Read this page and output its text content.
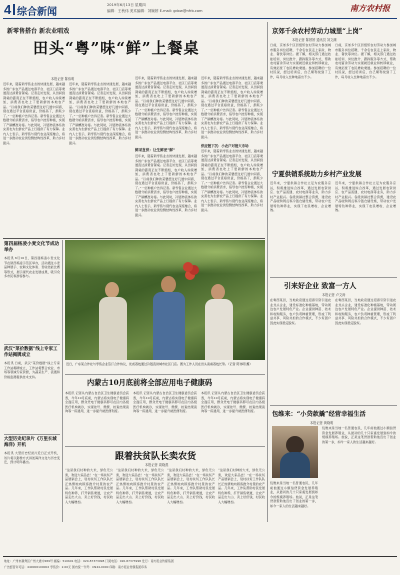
4 综合新闻
2019年6月13日 星期四
编辑：王秋伟 美术编辑：刘婉婷 E-mail: gdxw@nfrb.com	南方农村报
新零售搭台 新农业唱戏
田头“粤”味“鲜”上餐桌
本报记者 陈伟明
近年来，随着新零售业态的快速发展，越来越多的广东农产品通过电商平台、社区门店等渠道直达消费者餐桌。记者走访发现，从田间到餐桌的距离正在不断缩短，农户收入持续增加，消费者也吃上了更新鲜的本地农产品。“以前我们种的菜要经过好几道中间商，现在通过平台直接供货，价格高了，损耗少了。”一位种植户告诉记者。新零售企业通过大数据分析消费需求，指导农户按需种植，实现了产销精准对接。与此同时，冷链物流体系的完善也为生鲜农产品上行提供了有力保障。业内人士表示，新零售与现代农业深度融合，将进一步推动农业供给侧结构性改革，助力乡村振兴。
近年来，随着新零售业态的快速发展，越来越多的广东农产品通过电商平台、社区门店等渠道直达消费者餐桌。记者走访发现，从田间到餐桌的距离正在不断缩短，农户收入持续增加，消费者也吃上了更新鲜的本地农产品。“以前我们种的菜要经过好几道中间商，现在通过平台直接供货，价格高了，损耗少了。”一位种植户告诉记者。新零售企业通过大数据分析消费需求，指导农户按需种植，实现了产销精准对接。与此同时，冷链物流体系的完善也为生鲜农产品上行提供了有力保障。业内人士表示，新零售与现代农业深度融合，将进一步推动农业供给侧结构性改革，助力乡村振兴。
近年来，随着新零售业态的快速发展，越来越多的广东农产品通过电商平台、社区门店等渠道直达消费者餐桌。记者走访发现，从田间到餐桌的距离正在不断缩短，农户收入持续增加，消费者也吃上了更新鲜的本地农产品。“以前我们种的菜要经过好几道中间商，现在通过平台直接供货，价格高了，损耗少了。”一位种植户告诉记者。新零售企业通过大数据分析消费需求，指导农户按需种植，实现了产销精准对接。与此同时，冷链物流体系的完善也为生鲜农产品上行提供了有力保障。业内人士表示，新零售与现代农业深度融合，将进一步推动农业供给侧结构性改革，助力乡村振兴。
鲜采直供：让生鲜更“鲜”
近年来，随着新零售业态的快速发展，越来越多的广东农产品通过电商平台、社区门店等渠道直达消费者餐桌。记者走访发现，从田间到餐桌的距离正在不断缩短，农户收入持续增加，消费者也吃上了更新鲜的本地农产品。“以前我们种的菜要经过好几道中间商，现在通过平台直接供货，价格高了，损耗少了。”一位种植户告诉记者。新零售企业通过大数据分析消费需求，指导农户按需种植，实现了产销精准对接。与此同时，冷链物流体系的完善也为生鲜农产品上行提供了有力保障。业内人士表示，新零售与现代农业深度融合，将进一步推动农业供给侧结构性改革，助力乡村振兴。
近年来，随着新零售业态的快速发展，越来越多的广东农产品通过电商平台、社区门店等渠道直达消费者餐桌。记者走访发现，从田间到餐桌的距离正在不断缩短，农户收入持续增加，消费者也吃上了更新鲜的本地农产品。“以前我们种的菜要经过好几道中间商，现在通过平台直接供货，价格高了，损耗少了。”一位种植户告诉记者。新零售企业通过大数据分析消费需求，指导农户按需种植，实现了产销精准对接。与此同时，冷链物流体系的完善也为生鲜农产品上行提供了有力保障。业内人士表示，新零售与现代农业深度融合，将进一步推动农业供给侧结构性改革，助力乡村振兴。
供应链下沉：小农户对接大市场
近年来，随着新零售业态的快速发展，越来越多的广东农产品通过电商平台、社区门店等渠道直达消费者餐桌。记者走访发现，从田间到餐桌的距离正在不断缩短，农户收入持续增加，消费者也吃上了更新鲜的本地农产品。“以前我们种的菜要经过好几道中间商，现在通过平台直接供货，价格高了，损耗少了。”一位种植户告诉记者。新零售企业通过大数据分析消费需求，指导农户按需种植，实现了产销精准对接。与此同时，冷链物流体系的完善也为生鲜农产品上行提供了有力保障。业内人士表示，新零售与现代农业深度融合，将进一步推动农业供给侧结构性改革，助力乡村振兴。
京郊千余农村劳动力城里“上岗”
本报记者 陈婷婷 通讯员 刘文渊
日前，京郊多个区县组织农村劳动力参加城市服务岗位招聘，千余名农民走上家政、物业、餐饮等岗位。据了解，相关部门通过技能培训、岗位推介、跟踪服务等方式，帮助农村富余劳动力实现就近就业和转移就业，有效拓宽了农民增收渠道。参加招聘的一位村民说，经过培训后，自己顺利找到了工作，每月收入比种地高出不少。
日前，京郊多个区县组织农村劳动力参加城市服务岗位招聘，千余名农民走上家政、物业、餐饮等岗位。据了解，相关部门通过技能培训、岗位推介、跟踪服务等方式，帮助农村富余劳动力实现就近就业和转移就业，有效拓宽了农民增收渠道。参加招聘的一位村民说，经过培训后，自己顺利找到了工作，每月收入比种地高出不少。
宁夏供销系统助力乡村产业发展
近年来，宁夏供销合作社立足为农服务宗旨，积极推进综合改革，通过发展农资供应、农产品流通、农村电商等业务，助力乡村产业振兴。各级供销社整合资源，建设农产品收购网点和冷链仓储设施，带动农户发展特色种养业，实现了农民增收、企业增效。
近年来，宁夏供销合作社立足为农服务宗旨，积极推进综合改革，通过发展农资供应、农产品流通、农村电商等业务，助力乡村产业振兴。各级供销社整合资源，建设农产品收购网点和冷链仓储设施，带动农户发展特色种养业，实现了农民增收、企业增效。
引来好企业 致富一方人
本报记者 卢文涛
在粤西某县，当地政府通过招商引资引进农业龙头企业，建设标准化种植基地，带动周边农户发展特色产业。企业提供种苗、技术和收购服务，农户负责种植管理，形成了利益共享、风险共担的合作模式，不少贫困户因此实现稳定脱贫。
在粤西某县，当地政府通过招商引资引进农业龙头企业，建设标准化种植基地，带动周边农户发展特色产业。企业提供种苗、技术和收购服务，农户负责种植管理，形成了利益共享、风险共担的合作模式，不少贫困户因此实现稳定脱贫。
包维来：“小贷款撬”经营幸福生活
本报记者 黄晓明
包维来是当地一名普通农民，几年前他通过小额信贷资金发展养殖业，从最初的几十只家禽发展到如今的规模养殖场。他说，正是这笔贷款帮助他迈出了创业的第一步，如今一家人的生活越来越好。
包维来是当地一名普通农民，几年前他通过小额信贷资金发展养殖业，从最初的几十只家禽发展到如今的规模养殖场。他说，正是这笔贷款帮助他迈出了创业的第一步，如今一家人的生活越来越好。
第四届杨凌小麦文化节成功举办
本报讯 6月10日，第四届杨凌小麦文化节在陕西杨凌示范区举办，活动通过小麦品种展示、农耕文化体验、麦收技能比赛等形式，展示现代农业发展成果，吸引众多市民和游客参与。
武汉“菜价数据”线上专家工作站揭牌成立
本报讯 日前，武汉“菜价数据”线上专家工作站揭牌成立，工作站将整合农业、市场等领域专家资源，为蔬菜生产、流通和价格监测提供技术支持。
大型历史纪录片《万里长城海洋》开机
本报讯 大型历史纪录片近日正式开机，该片将以影像方式讲述海洋文化与历史变迁，预计明年播出。
近日，广东某合作社与零售企业签订合作协议，优质荔枝通过冷链直供城市社区门店。图为工作人员在田头查看荔枝长势。（记者 陈伟明 摄）
内蒙古10月底前将全部应用电子健康码
本报讯 记者从内蒙古自治区卫生健康委员会获悉，今年10月底前，内蒙古将实现电子健康码全面应用，群众凭电子健康码即可在区内各级医疗机构就诊，实现挂号、缴费、检查结果查询等一码通用，进一步提升就医便利度。
本报讯 记者从内蒙古自治区卫生健康委员会获悉，今年10月底前，内蒙古将实现电子健康码全面应用，群众凭电子健康码即可在区内各级医疗机构就诊，实现挂号、缴费、检查结果查询等一码通用，进一步提升就医便利度。
本报讯 记者从内蒙古自治区卫生健康委员会获悉，今年10月底前，内蒙古将实现电子健康码全面应用，群众凭电子健康码即可在区内各级医疗机构就诊，实现挂号、缴费、检查结果查询等一码通用，进一步提升就医便利度。
跟着扶贫队长卖农货
本报记者 周晓燕
“这是我们村种的大米，绿色无公害，欢迎大家品尝！”在一场扶贫产品展销会上，驻村扶贫工作队队长正热情地向顾客推介村里的农产品。几年来，工作队帮助村民发展特色种养，打开销售渠道，让农产品走出大山、卖上好价钱，村民收入大幅增加。
“这是我们村种的大米，绿色无公害，欢迎大家品尝！”在一场扶贫产品展销会上，驻村扶贫工作队队长正热情地向顾客推介村里的农产品。几年来，工作队帮助村民发展特色种养，打开销售渠道，让农产品走出大山、卖上好价钱，村民收入大幅增加。
“这是我们村种的大米，绿色无公害，欢迎大家品尝！”在一场扶贫产品展销会上，驻村扶贫工作队队长正热情地向顾客推介村里的农产品。几年来，工作队帮助村民发展特色种养，打开销售渠道，让农产品走出大山、卖上好价钱，村民收入大幅增加。
“这是我们村种的大米，绿色无公害，欢迎大家品尝！”在一场扶贫产品展销会上，驻村扶贫工作队队长正热情地向顾客推介村里的农产品。几年来，工作队帮助村民发展特色种养，打开销售渠道，让农产品走出大山、卖上好价钱，村民收入大幅增加。
地址：广州市越秀区广州大道中289号 邮编：510601 电话：020-87373998 订阅电话：020-87373998 发行：南方报业传媒集团
广告经营许可证：440000100002 零售价：2.00元 国内统一刊号：CN44-0000 印刷：南方报业传媒集团印务
